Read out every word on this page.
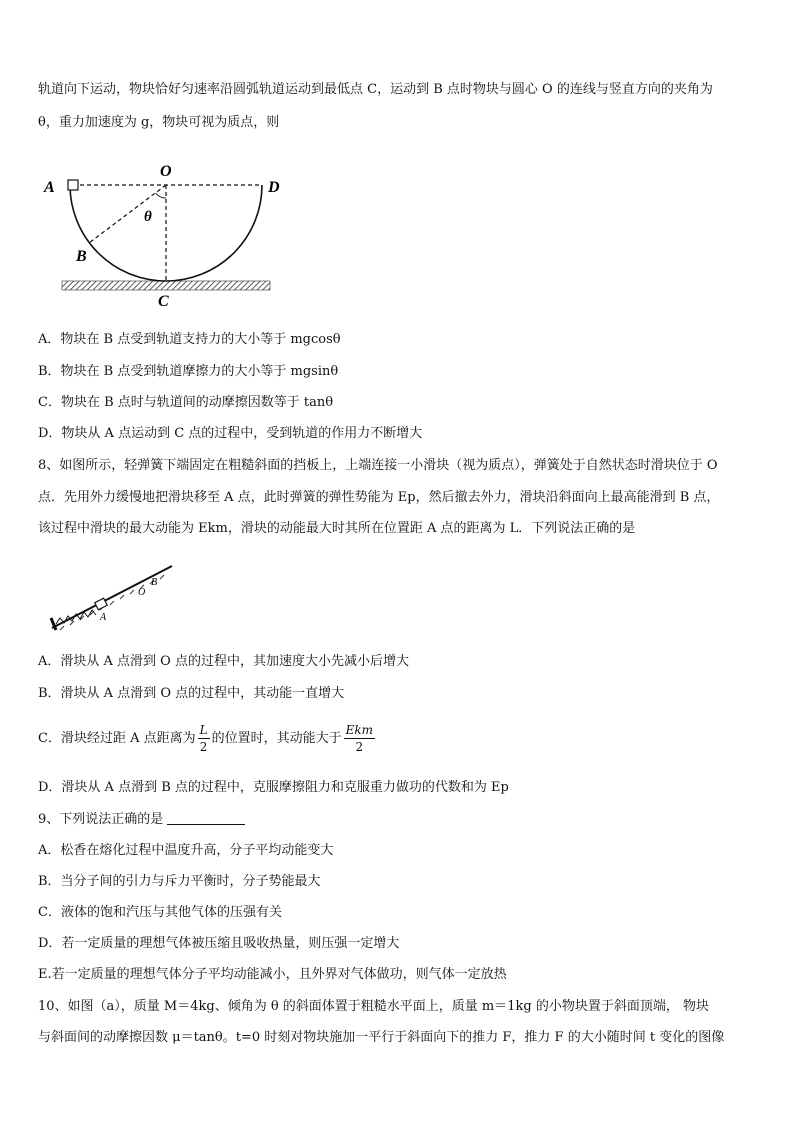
轨道向下运动，物块恰好匀速率沿圆弧轨道运动到最低点 C，运动到 B 点时物块与圆心 O 的连线与竖直方向的夹角为
θ，重力加速度为 g，物块可视为质点，则
A
O
D
θ
B
C
A．物块在 B 点受到轨道支持力的大小等于 mgcosθ
B．物块在 B 点受到轨道摩擦力的大小等于 mgsinθ
C．物块在 B 点时与轨道间的动摩擦因数等于 tanθ
D．物块从 A 点运动到 C 点的过程中，受到轨道的作用力不断增大
8、如图所示，轻弹簧下端固定在粗糙斜面的挡板上，上端连接一小滑块（视为质点），弹簧处于自然状态时滑块位于 O
点．先用外力缓慢地把滑块移至 A 点，此时弹簧的弹性势能为 Ep，然后撤去外力，滑块沿斜面向上最高能滑到 B 点，
该过程中滑块的最大动能为 Ekm，滑块的动能最大时其所在位置距 A 点的距离为 L．下列说法正确的是
A
O
B
A．滑块从 A 点滑到 O 点的过程中，其加速度大小先减小后增大
B．滑块从 A 点滑到 O 点的过程中，其动能一直增大
C．滑块经过距 A 点距离为 $\frac{L}{2}$ 的位置时，其动能大于 $\frac{\text{Ekm}}{2}$
D．滑块从 A 点滑到 B 点的过程中，克服摩擦阻力和克服重力做功的代数和为 Ep
9、下列说法正确的是
A．松香在熔化过程中温度升高，分子平均动能变大
B．当分子间的引力与斥力平衡时，分子势能最大
C．液体的饱和汽压与其他气体的压强有关
D．若一定质量的理想气体被压缩且吸收热量，则压强一定增大
E.若一定质量的理想气体分子平均动能减小，且外界对气体做功，则气体一定放热
10、如图（a），质量 M＝4kg、倾角为 θ 的斜面体置于粗糙水平面上，质量 m＝1kg 的小物块置于斜面顶端， 物块
与斜面间的动摩擦因数 μ＝tanθ。t=0 时刻对物块施加一平行于斜面向下的推力 F，推力 F 的大小随时间 t 变化的图像
